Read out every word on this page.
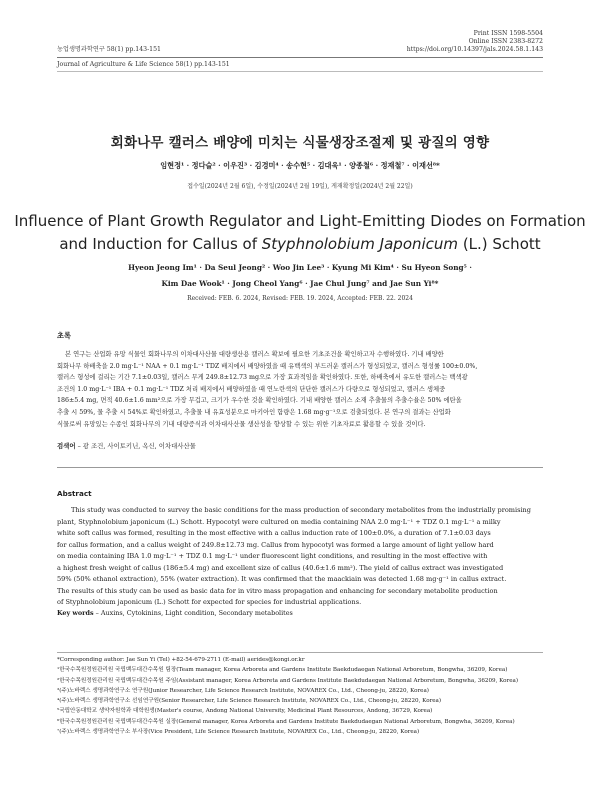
Print ISSN 1598-5504
Online ISSN 2383-8272
https://doi.org/10.14397/jals.2024.58.1.143
농업생명과학연구 58(1) pp.143-151
Journal of Agriculture & Life Science 58(1) pp.143-151
회화나무 캘러스 배양에 미치는 식물생장조절제 및 광질의 영향
임현정¹ · 정다슬² · 이우진³ · 김경미⁴ · 송수현⁵ · 김대욱¹ · 양종철⁶ · 정재철⁷ · 이재선⁸*
접수일(2024년 2월 6일), 수정일(2024년 2월 19일), 게재확정일(2024년 2월 22일)
Influence of Plant Growth Regulator and Light-Emitting Diodes on Formation
and Induction for Callus of Styphnolobium Japonicum (L.) Schott
Hyeon Jeong Im¹ · Da Seul Jeong² · Woo Jin Lee³ · Kyung Mi Kim⁴ · Su Hyeon Song⁵ ·
Kim Dae Wook¹ · Jong Cheol Yang⁶ · Jae Chul Jung⁷ and Jae Sun Yi⁸*
Received: FEB. 6. 2024, Revised: FEB. 19. 2024, Accepted: FEB. 22. 2024
초록
본 연구는 산업화 유망 식물인 회화나무의 이차대사산물 대량생산용 캘러스 확보에 필요한 기초조건을 확인하고자 수행하였다. 기내 배양한
회화나무 하배축을 2.0 mg·L⁻¹ NAA + 0.1 mg·L⁻¹ TDZ 배지에서 배양하였을 때 유백색의 부드러운 캘러스가 형성되었고, 캘러스 형성률 100±0.0%,
캘러스 형성에 걸리는 기간 7.1±0.03일, 캘러스 무게 249.8±12.73 mg으로 가장 효과적임을 확인하였다. 또한, 하배축에서 유도한 캘러스는 백색광
조건의 1.0 mg·L⁻¹ IBA + 0.1 mg·L⁻¹ TDZ 처리 배지에서 배양하였을 때 연노란색의 단단한 캘러스가 다량으로 형성되었고, 캘러스 생체중
186±5.4 mg, 면적 40.6±1.6 mm²으로 가장 무겁고, 크기가 우수한 것을 확인하였다. 기내 배양한 캘러스 소재 추출물의 추출수율은 50% 에탄올
추출 시 59%, 물 추출 시 54%로 확인하였고, 추출물 내 유효성분으로 마키아인 함량은 1.68 mg·g⁻¹으로 검출되었다. 본 연구의 결과는 산업화
식물로써 유망있는 수종인 회화나무의 기내 대량증식과 이차대사산물 생산성을 향상할 수 있는 위한 기초자료로 활용할 수 있을 것이다.
검색어 – 광 조건, 사이토키닌, 옥신, 이차대사산물
Abstract
This study was conducted to survey the basic conditions for the mass production of secondary metabolites from the industrially promising
plant, Styphnolobium japonicum (L.) Schott. Hypocotyl were cultured on media containing NAA 2.0 mg·L⁻¹ + TDZ 0.1 mg·L⁻¹ a milky
white soft callus was formed, resulting in the most effective with a callus induction rate of 100±0.0%, a duration of 7.1±0.03 days
for callus formation, and a callus weight of 249.8±12.73 mg. Callus from hypocotyl was formed a large amount of light yellow hard
on media containing IBA 1.0 mg·L⁻¹ + TDZ 0.1 mg·L⁻¹ under fluorescent light conditions, and resulting in the most effective with
a highest fresh weight of callus (186±5.4 mg) and excellent size of callus (40.6±1.6 mm²). The yield of callus extract was investigated
59% (50% ethanol extraction), 55% (water extraction). It was confirmed that the maackiain was detected 1.68 mg·g⁻¹ in callus extract.
The results of this study can be used as basic data for in vitro mass propagation and enhancing for secondary metabolite production
of Styphnolobium japonicum (L.) Schott for expected for species for industrial applications.
Key words – Auxins, Cytokinins, Light condition, Secondary metabolites
*Corresponding author: Jae Sun Yi (Tel) +82-54-679-2711 (E-mail) aerides@kongi.or.kr
¹한국수목원정원관리원 국립백두대간수목원 팀장(Team manager, Korea Arboreta and Gardens Institute Baekdudaegan National Arboretum, Bongwha, 36209, Korea)
²한국수목원정원관리원 국립백두대간수목원 주임(Assistant manager, Korea Arboreta and Gardens Institute Baekdudaegan National Arboretum, Bongwha, 36209, Korea)
³(주)노바렉스 생명과학연구소 연구원(Junior Researcher, Life Science Research Institute, NOVAREX Co., Ltd., Cheong-ju, 28220, Korea)
⁴(주)노바렉스 생명과학연구소 선임연구원(Senior Researcher, Life Science Research Institute, NOVAREX Co., Ltd., Cheong-ju, 28220, Korea)
⁵국립안동대학교 생약자원학과 대학원생(Master's course, Andong National University, Medicinal Plant Resources, Andong, 36729, Korea)
⁶한국수목원정원관리원 국립백두대간수목원 실장(General manager, Korea Arboreta and Gardens Institute Baekdudaegan National Arboretum, Bongwha, 36209, Korea)
⁷(주)노바렉스 생명과학연구소 부사장(Vice President, Life Science Research Institute, NOVAREX Co., Ltd., Cheong-ju, 28220, Korea)
